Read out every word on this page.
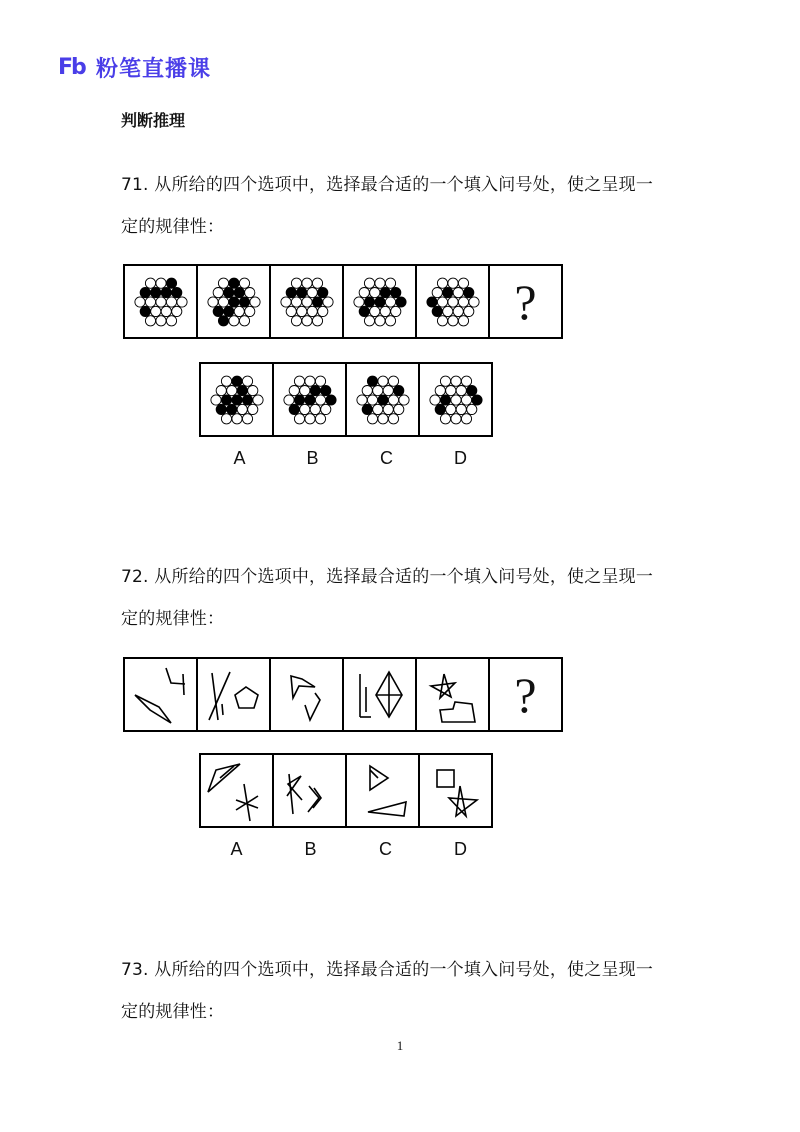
Fb 粉笔直播课
判断推理
71. 从所给的四个选项中，选择最合适的一个填入问号处，使之呈现一
定的规律性：
?
A	B	C	D
72. 从所给的四个选项中，选择最合适的一个填入问号处，使之呈现一
定的规律性：
?
A	B	C	D
73. 从所给的四个选项中，选择最合适的一个填入问号处，使之呈现一
定的规律性：
1
